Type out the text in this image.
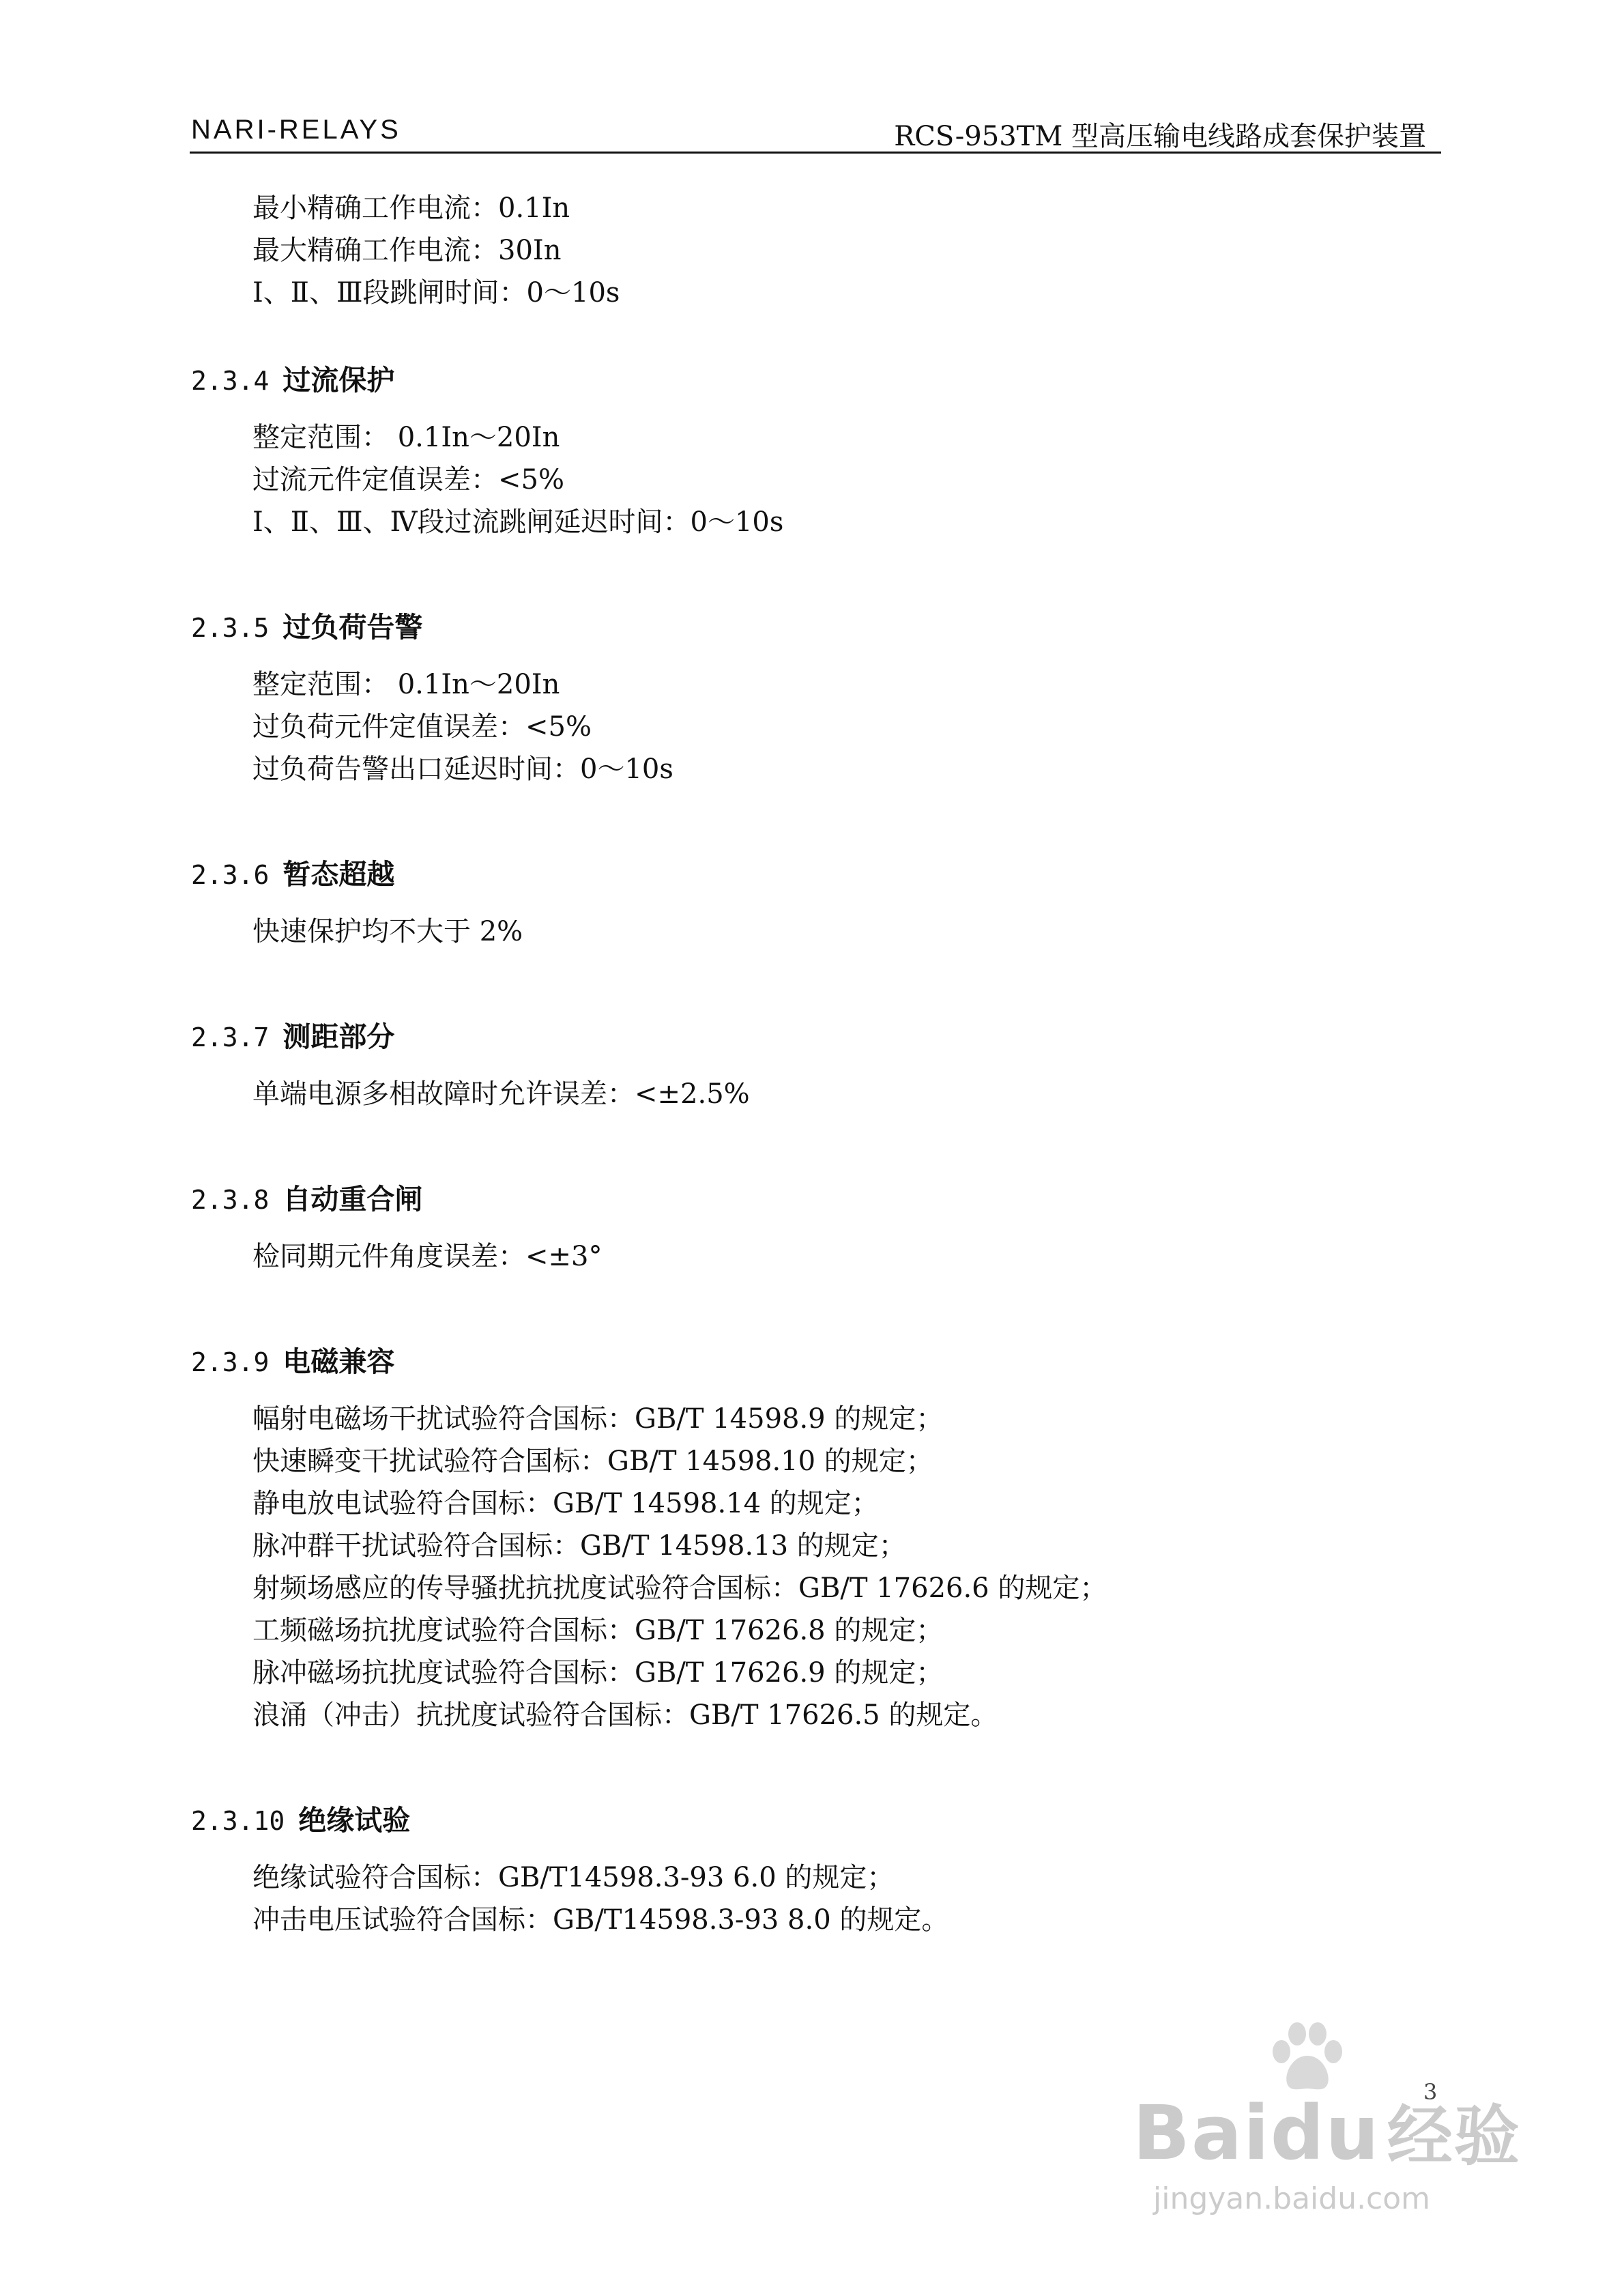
NARI-RELAYS	RCS-953TM 型高压输电线路成套保护装置
最小精确工作电流：0.1In
最大精确工作电流：30In
Ⅰ、Ⅱ、Ⅲ段跳闸时间：0～10s
2.3.4 过流保护
整定范围： 0.1In～20In
过流元件定值误差：<5%
Ⅰ、Ⅱ、Ⅲ、Ⅳ段过流跳闸延迟时间：0～10s
2.3.5 过负荷告警
整定范围： 0.1In～20In
过负荷元件定值误差：<5%
过负荷告警出口延迟时间：0～10s
2.3.6 暂态超越
快速保护均不大于 2%
2.3.7 测距部分
单端电源多相故障时允许误差：<±2.5%
2.3.8 自动重合闸
检同期元件角度误差：<±3°
2.3.9 电磁兼容
幅射电磁场干扰试验符合国标：GB/T 14598.9 的规定；
快速瞬变干扰试验符合国标：GB/T 14598.10 的规定；
静电放电试验符合国标：GB/T 14598.14 的规定；
脉冲群干扰试验符合国标：GB/T 14598.13 的规定；
射频场感应的传导骚扰抗扰度试验符合国标：GB/T 17626.6 的规定；
工频磁场抗扰度试验符合国标：GB/T 17626.8 的规定；
脉冲磁场抗扰度试验符合国标：GB/T 17626.9 的规定；
浪涌（冲击）抗扰度试验符合国标：GB/T 17626.5 的规定。
2.3.10 绝缘试验
绝缘试验符合国标：GB/T14598.3-93 6.0 的规定；
冲击电压试验符合国标：GB/T14598.3-93 8.0 的规定。
3
Baidu 经验
jingyan.baidu.com
